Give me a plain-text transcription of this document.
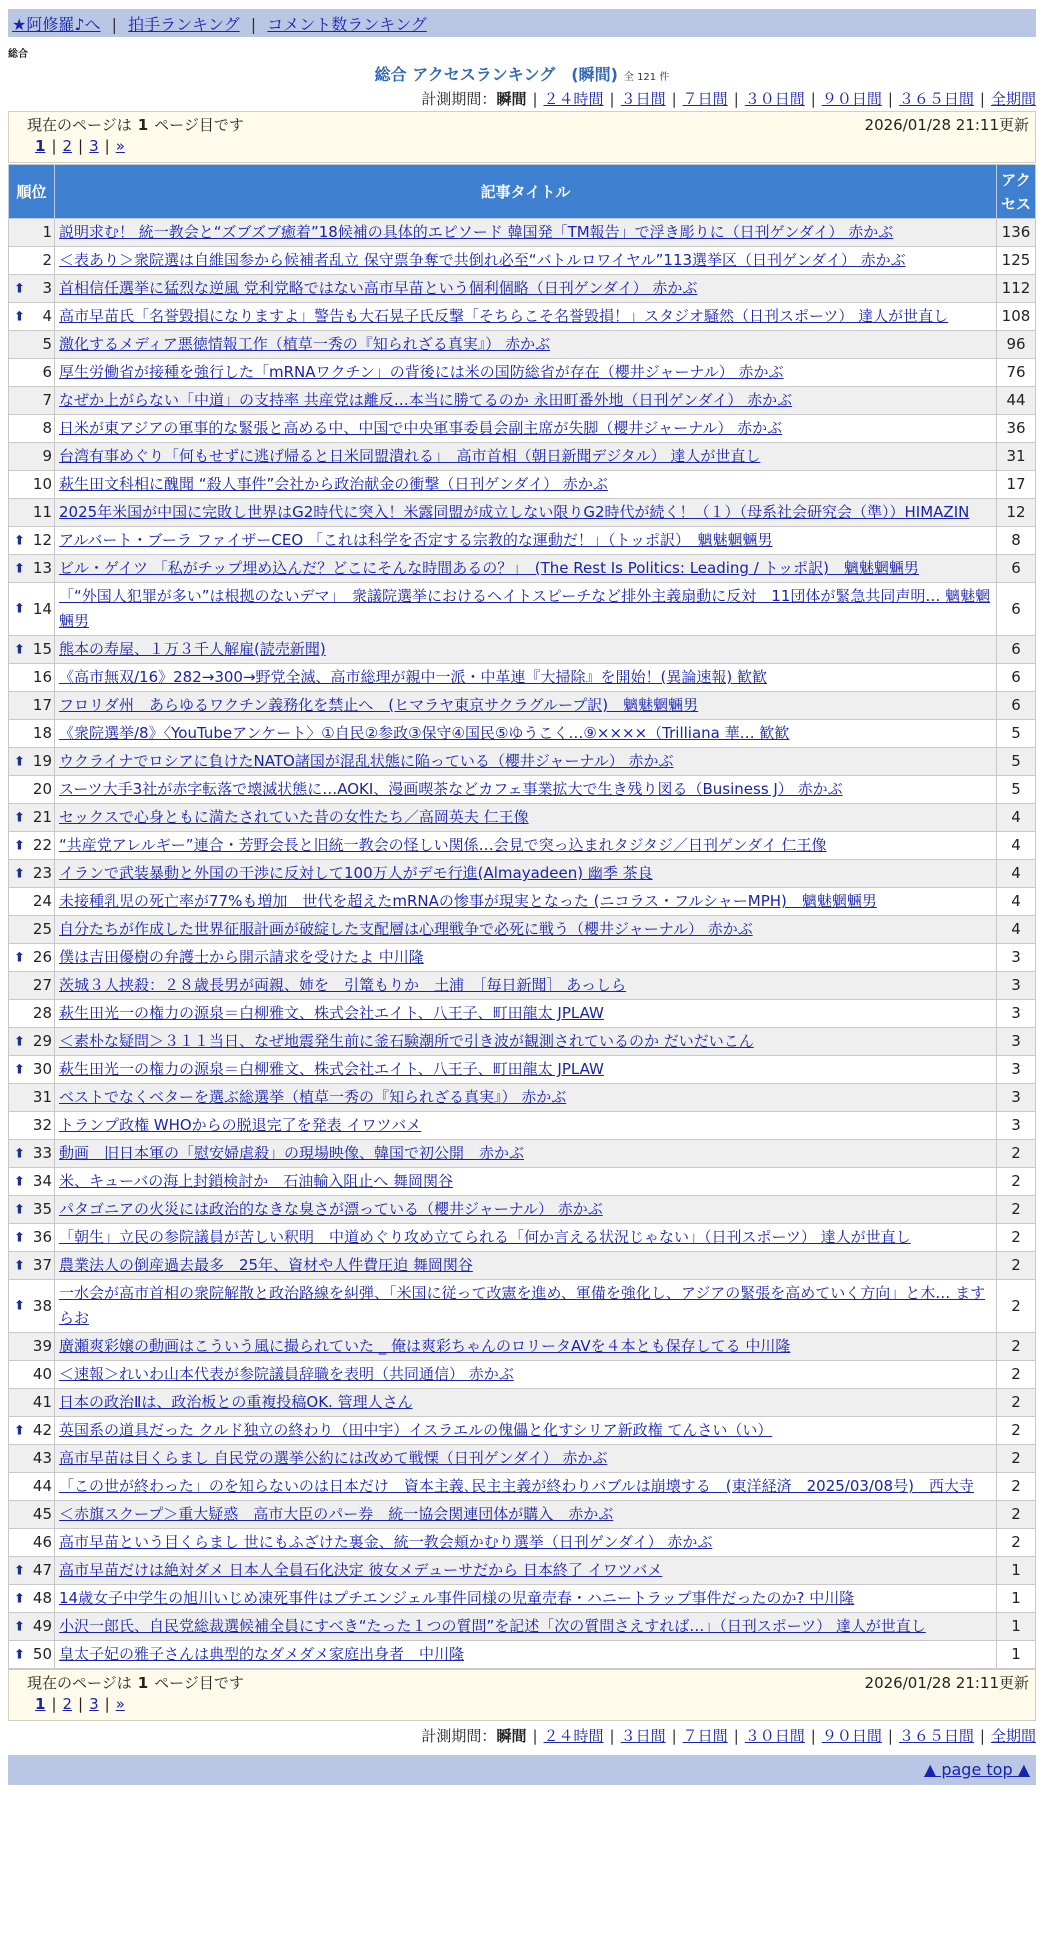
★阿修羅♪へ | 拍手ランキング | コメント数ランキング
総合
総合 アクセスランキング　(瞬間) 全 121 件
計測期間：瞬間 | ２４時間 | ３日間 | ７日間 | ３０日間 | ９０日間 | ３６５日間 | 全期間
現在のページは 1 ページ目です	2026/01/28 21:11更新
1 | 2 | 3 | »
順位	記事タイトル	アクセス
1	説明求む！ 統一教会と“ズブズブ癒着”18候補の具体的エピソード 韓国発「TM報告」で浮き彫りに（日刊ゲンダイ） 赤かぶ	136
2	＜表あり＞衆院選は自維国参から候補者乱立 保守票争奪で共倒れ必至“バトルロワイヤル”113選挙区（日刊ゲンダイ） 赤かぶ	125

⬆ 3	首相信任選挙に猛烈な逆風 党利党略ではない高市早苗という個利個略（日刊ゲンダイ） 赤かぶ	112

⬆ 4	高市早苗氏「名誉毀損になりますよ」警告も大石晃子氏反撃「そちらこそ名誉毀損！」スタジオ騒然（日刊スポーツ） 達人が世直し	108
5	激化するメディア悪徳情報工作（植草一秀の『知られざる真実』） 赤かぶ	96
6	厚生労働省が接種を強行した「mRNAワクチン」の背後には米の国防総省が存在（櫻井ジャーナル） 赤かぶ	76
7	なぜか上がらない「中道」の支持率 共産党は離反…本当に勝てるのか 永田町番外地（日刊ゲンダイ） 赤かぶ	44
8	日米が東アジアの軍事的な緊張と高める中、中国で中央軍事委員会副主席が失脚（櫻井ジャーナル） 赤かぶ	36
9	台湾有事めぐり「何もせずに逃げ帰ると日米同盟潰れる」　高市首相（朝日新聞デジタル） 達人が世直し	31
10	萩生田文科相に醜聞 “殺人事件”会社から政治献金の衝撃（日刊ゲンダイ） 赤かぶ	17
11	2025年米国が中国に完敗し世界はG2時代に突入！米露同盟が成立しない限りG2時代が続く！（１）（母系社会研究会（準））HIMAZIN	12

⬆ 12	アルバート・ブーラ ファイザーCEO 「これは科学を否定する宗教的な運動だ！」（トッポ訳）　魑魅魍魎男	8

⬆ 13	ビル・ゲイツ 「私がチップ埋め込んだ？どこにそんな時間あるの？」　(The Rest Is Politics: Leading / トッポ訳)　魑魅魍魎男	6

⬆ 14	「“外国人犯罪が多い”は根拠のないデマ」　衆議院選挙におけるヘイトスピーチなど排外主義扇動に反対　11団体が緊急共同声明… 魑魅魍魎男	6

⬆ 15	熊本の寿屋、１万３千人解雇(読売新聞)	6
16	《高市無双/16》282→300→野党全滅、高市総理が親中一派・中革連『大掃除』を開始！(異論速報) 歓歓	6
17	フロリダ州　あらゆるワクチン義務化を禁止へ　(ヒマラヤ東京サクラグループ訳)　魑魅魍魎男	6
18	《衆院選挙/8》〈YouTubeアンケート〉①自民②参政③保守④国民⑤ゆうこく…⑨××××（Trilliana 華… 歓歓	5

⬆ 19	ウクライナでロシアに負けたNATO諸国が混乱状態に陥っている（櫻井ジャーナル） 赤かぶ	5
20	スーツ大手3社が赤字転落で壊滅状態に…AOKI、漫画喫茶などカフェ事業拡大で生き残り図る（Business J） 赤かぶ	5

⬆ 21	セックスで心身ともに満たされていた昔の女性たち／高岡英夫 仁王像	4

⬆ 22	“共産党アレルギー”連合・芳野会長と旧統一教会の怪しい関係…会見で突っ込まれタジタジ／日刊ゲンダイ 仁王像	4

⬆ 23	イランで武装暴動と外国の干渉に反対して100万人がデモ行進(Almayadeen) 幽季 茶良	4
24	未接種乳児の死亡率が77%も増加　世代を超えたmRNAの惨事が現実となった (ニコラス・フルシャーMPH)　魑魅魍魎男	4
25	自分たちが作成した世界征服計画が破綻した支配層は心理戦争で必死に戦う（櫻井ジャーナル） 赤かぶ	4

⬆ 26	僕は吉田優樹の弁護士から開示請求を受けたよ 中川隆	3
27	茨城３人挟殺：２８歳長男が両親、姉を　引篭もりか　土浦　［毎日新聞］ あっしら	3
28	萩生田光一の権力の源泉＝白柳雅文、株式会社エイト、八王子、町田龍太 JPLAW	3

⬆ 29	＜素朴な疑問＞３１１当日、なぜ地震発生前に釜石験潮所で引き波が観測されているのか だいだいこん	3

⬆ 30	萩生田光一の権力の源泉＝白柳雅文、株式会社エイト、八王子、町田龍太 JPLAW	3
31	ベストでなくベターを選ぶ総選挙（植草一秀の『知られざる真実』） 赤かぶ	3
32	トランプ政権 WHOからの脱退完了を発表 イワツバメ	3

⬆ 33	動画　旧日本軍の「慰安婦虐殺」の現場映像、韓国で初公開　赤かぶ	2

⬆ 34	米、キューバの海上封鎖検討か　石油輸入阻止へ 舞岡関谷	2

⬆ 35	パタゴニアの火災には政治的なきな臭さが漂っている（櫻井ジャーナル） 赤かぶ	2

⬆ 36	「朝生」立民の参院議員が苦しい釈明　中道めぐり攻め立てられる「何か言える状況じゃない」（日刊スポーツ） 達人が世直し	2

⬆ 37	農業法人の倒産過去最多　25年、資材や人件費圧迫 舞岡関谷	2

⬆ 38	一水会が高市首相の衆院解散と政治路線を糾弾、「米国に従って改憲を進め、軍備を強化し、アジアの緊張を高めていく方向」と木… ますらお	2
39	廣瀬爽彩嬢の動画はこういう風に撮られていた _ 俺は爽彩ちゃんのロリータAVを４本とも保存してる 中川隆	2
40	＜速報＞れいわ山本代表が参院議員辞職を表明（共同通信） 赤かぶ	2
41	日本の政治Ⅱは、政治板との重複投稿OK. 管理人さん	2

⬆ 42	英国系の道具だった クルド独立の終わり（田中宇）イスラエルの傀儡と化すシリア新政権 てんさい（い）	2
43	高市早苗は目くらまし 自民党の選挙公約には改めて戦慄（日刊ゲンダイ） 赤かぶ	2
44	「この世が終わった」のを知らないのは日本だけ　資本主義､民主主義が終わりバブルは崩壊する　(東洋経済　2025/03/08号)　西大寺	2
45	＜赤旗スクープ＞重大疑惑　高市大臣のパー券　統一協会関連団体が購入　赤かぶ	2
46	高市早苗という目くらまし 世にもふざけた裏金、統一教会頬かむり選挙（日刊ゲンダイ） 赤かぶ	2

⬆ 47	高市早苗だけは絶対ダメ 日本人全員石化決定 彼女メデューサだから 日本終了 イワツバメ	1

⬆ 48	14歳女子中学生の旭川いじめ凍死事件はプチエンジェル事件同様の児童売春・ハニートラップ事件だったのか? 中川隆	1

⬆ 49	小沢一郎氏、自民党総裁選候補全員にすべき“たった１つの質問”を記述「次の質問さえすれば…」（日刊スポーツ） 達人が世直し	1

⬆ 50	皇太子妃の雅子さんは典型的なダメダメ家庭出身者　中川隆	1
現在のページは 1 ページ目です	2026/01/28 21:11更新
1 | 2 | 3 | »
計測期間：瞬間 | ２４時間 | ３日間 | ７日間 | ３０日間 | ９０日間 | ３６５日間 | 全期間
▲ page top ▲
